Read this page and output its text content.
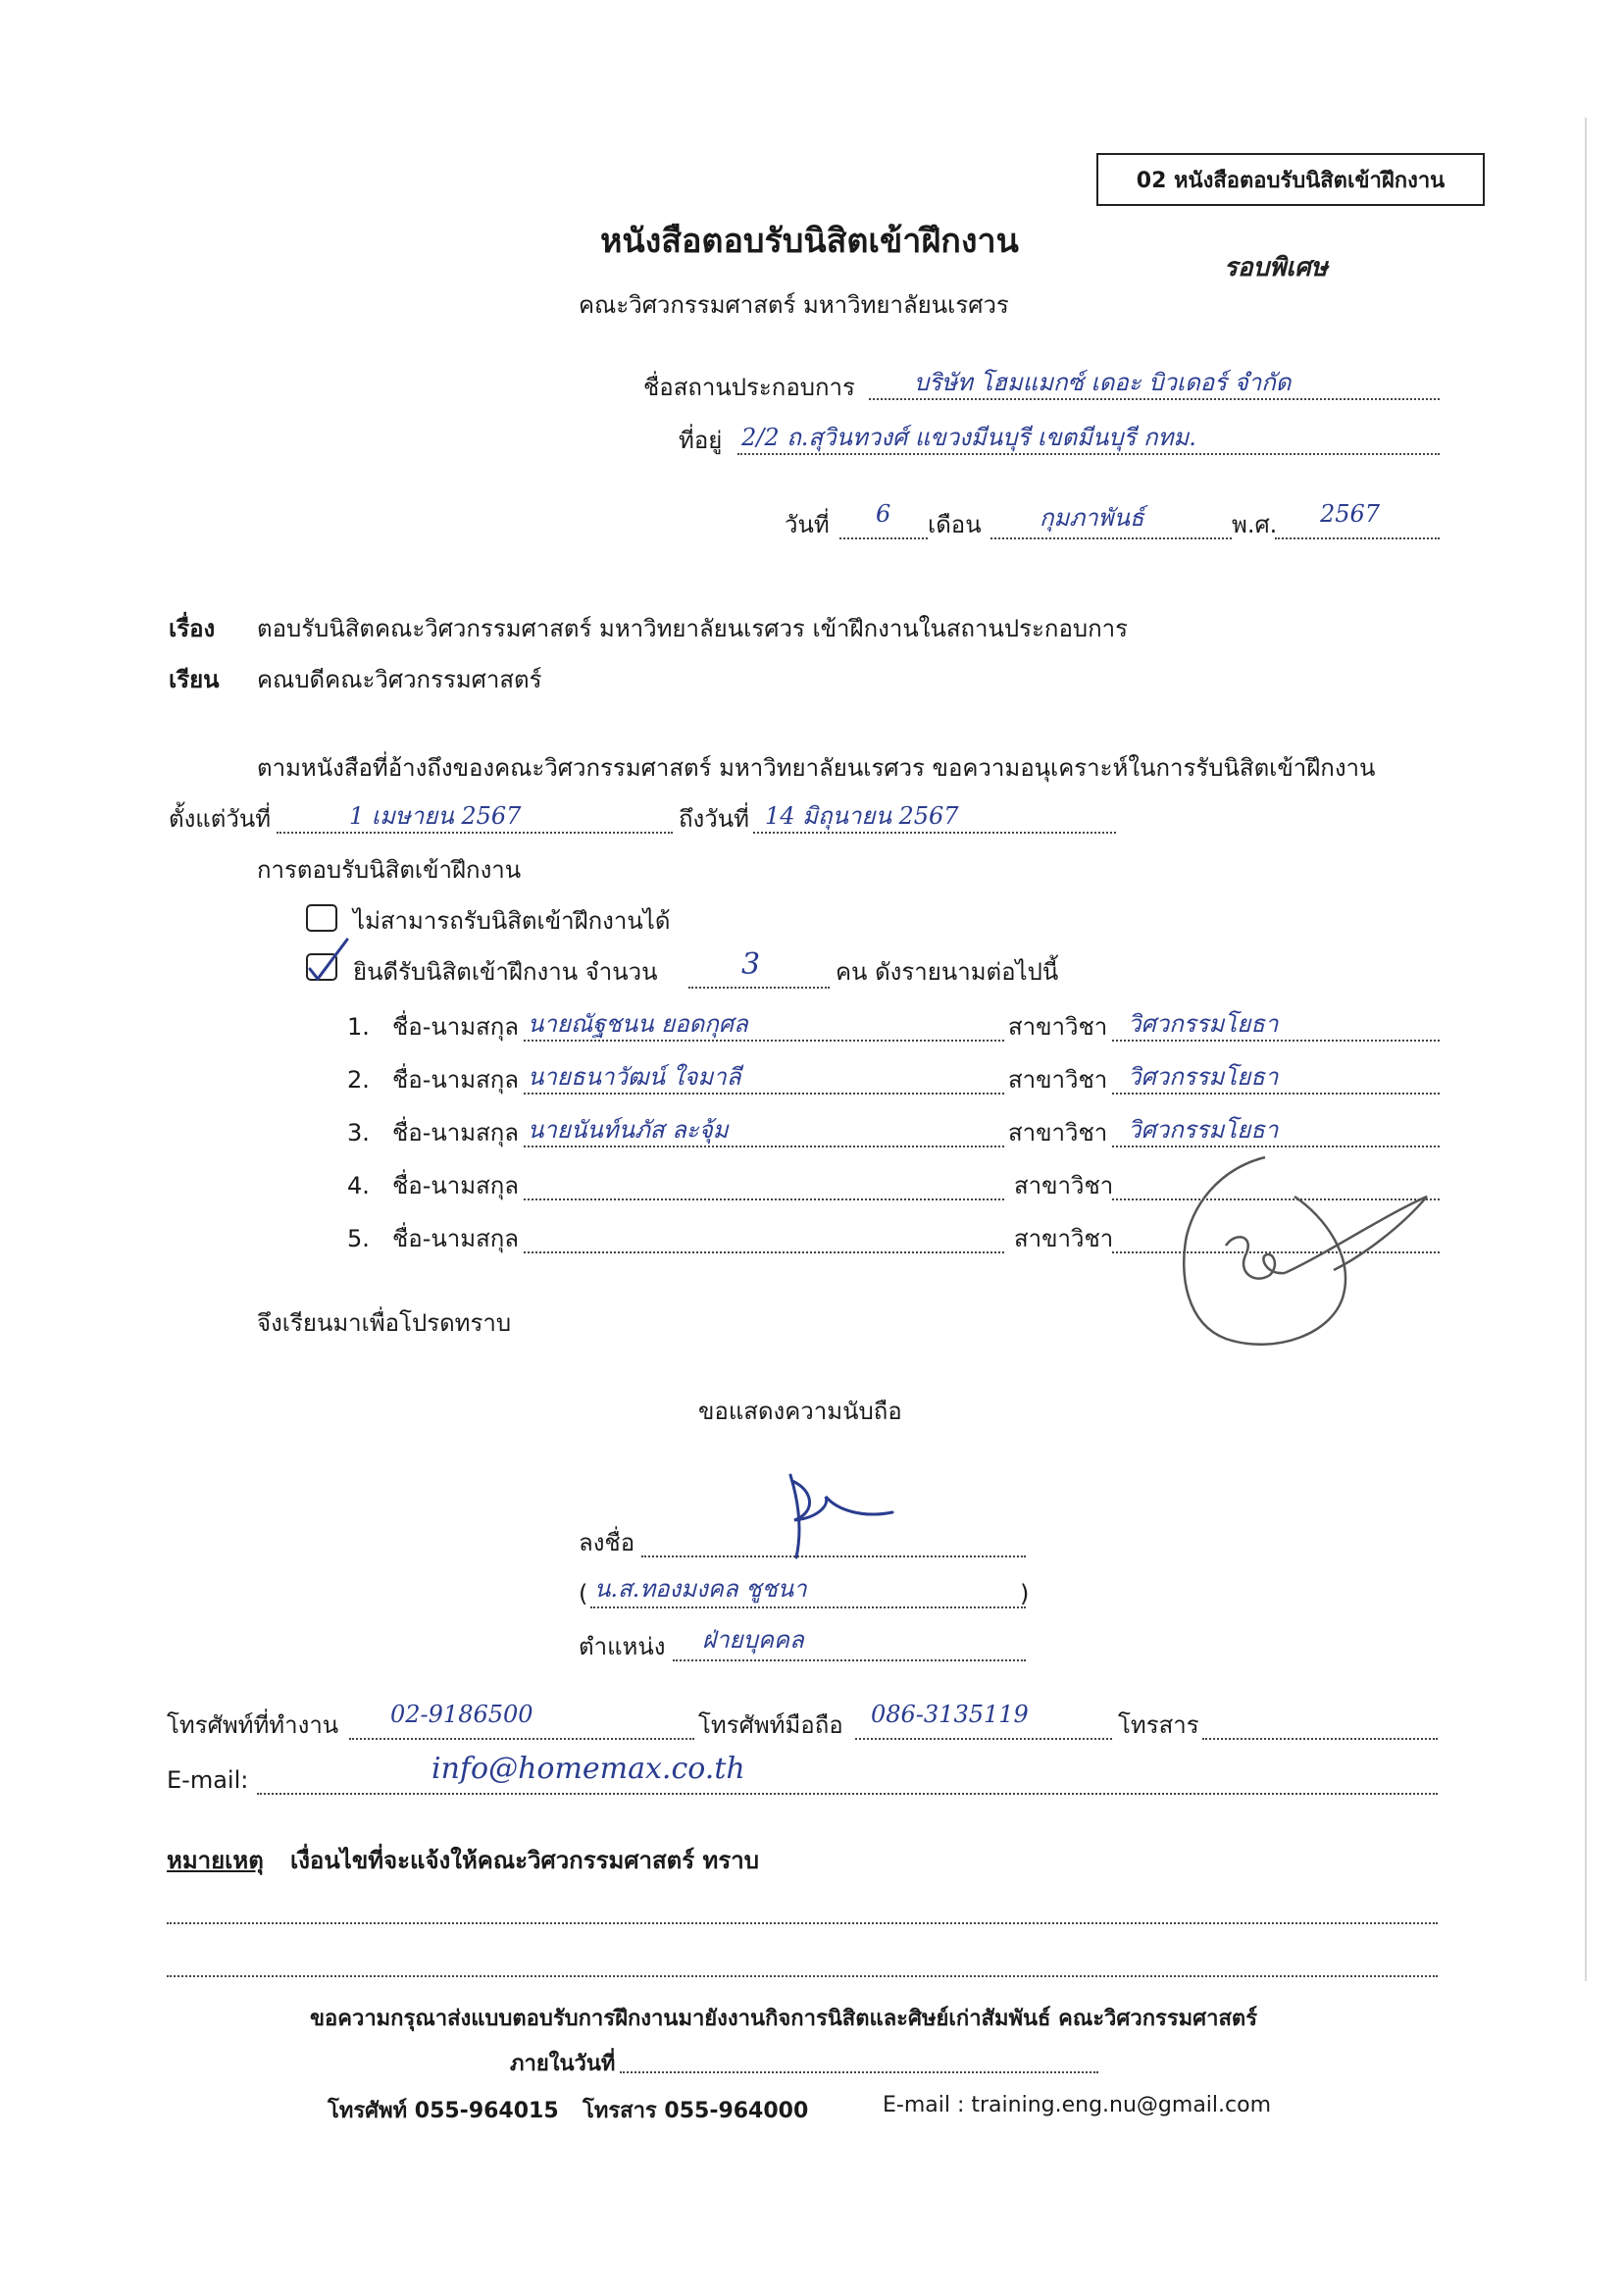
02 หนังสือตอบรับนิสิตเข้าฝึกงาน
หนังสือตอบรับนิสิตเข้าฝึกงาน
รอบพิเศษ
คณะวิศวกรรมศาสตร์ มหาวิทยาลัยนเรศวร
ชื่อสถานประกอบการ	บริษัท โฮมแมกซ์ เดอะ บิวเดอร์ จำกัด
ที่อยู่ 2/2 ถ.สุวินทวงศ์ แขวงมีนบุรี เขตมีนบุรี กทม.
วันที่ 6 เดือน กุมภาพันธ์	พ.ศ. 2567
เรื่อง ตอบรับนิสิตคณะวิศวกรรมศาสตร์ มหาวิทยาลัยนเรศวร เข้าฝึกงานในสถานประกอบการ
เรียน คณบดีคณะวิศวกรรมศาสตร์
ตามหนังสือที่อ้างถึงของคณะวิศวกรรมศาสตร์ มหาวิทยาลัยนเรศวร ขอความอนุเคราะห์ในการรับนิสิตเข้าฝึกงาน
ตั้งแต่วันที่	1 เมษายน 2567	ถึงวันที่ 14 มิถุนายน 2567
การตอบรับนิสิตเข้าฝึกงาน
ไม่สามารถรับนิสิตเข้าฝึกงานได้
ยินดีรับนิสิตเข้าฝึกงาน จำนวน	3	คน ดังรายนามต่อไปนี้
1. ชื่อ-นามสกุล นายณัฐชนน ยอดกุศล	สาขาวิชา วิศวกรรมโยธา
2. ชื่อ-นามสกุล นายธนาวัฒน์ ใจมาลี	สาขาวิชา วิศวกรรมโยธา
3. ชื่อ-นามสกุล นายนันท์นภัส ละจุ้ม	สาขาวิชา วิศวกรรมโยธา
4. ชื่อ-นามสกุล	สาขาวิชา
5. ชื่อ-นามสกุล	สาขาวิชา
จึงเรียนมาเพื่อโปรดทราบ
ขอแสดงความนับถือ
ลงชื่อ
( น.ส.ทองมงคล ชูชนา	)
ตำแหน่ง ฝ่ายบุคคล
โทรศัพท์ที่ทำงาน 02-9186500	โทรศัพท์มือถือ 086-3135119	โทรสาร
E-mail:	info@homemax.co.th
หมายเหตุ เงื่อนไขที่จะแจ้งให้คณะวิศวกรรมศาสตร์ ทราบ
ขอความกรุณาส่งแบบตอบรับการฝึกงานมายังงานกิจการนิสิตและศิษย์เก่าสัมพันธ์ คณะวิศวกรรมศาสตร์
ภายในวันที่
โทรศัพท์ 055-964015 โทรสาร 055-964000	E-mail : training.eng.nu@gmail.com
